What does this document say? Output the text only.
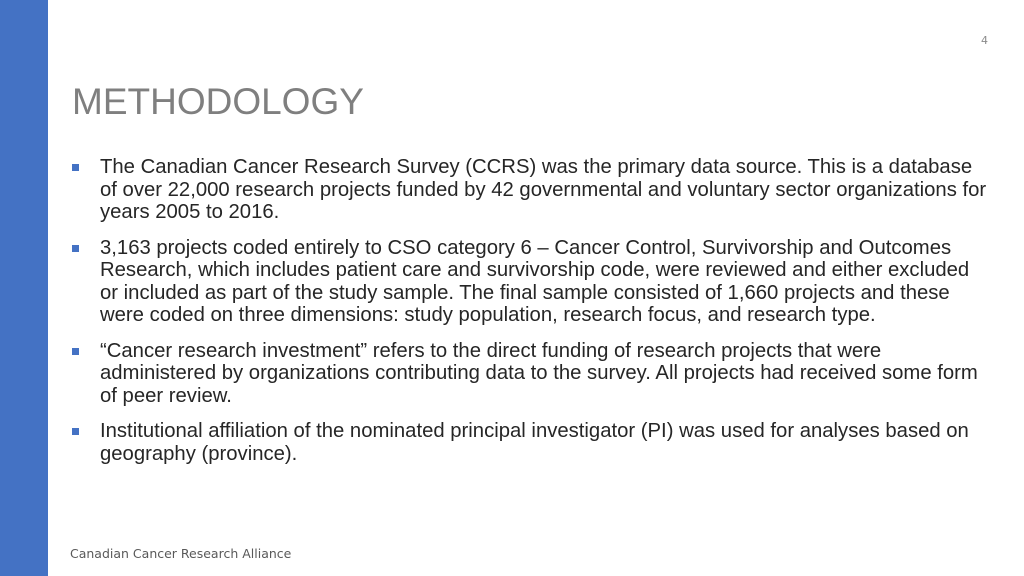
4
METHODOLOGY
The Canadian Cancer Research Survey (CCRS) was the primary data source. This is a database of over 22,000 research projects funded by 42 governmental and voluntary sector organizations for years 2005 to 2016.
3,163 projects coded entirely to CSO category 6 – Cancer Control, Survivorship and Outcomes Research, which includes patient care and survivorship code, were reviewed and either excluded or included as part of the study sample. The final sample consisted of 1,660 projects and these were coded on three dimensions: study population, research focus, and research type.
“Cancer research investment” refers to the direct funding of research projects that were administered by organizations contributing data to the survey. All projects had received some form of peer review.
Institutional affiliation of the nominated principal investigator (PI) was used for analyses based on geography (province).
Canadian Cancer Research Alliance
